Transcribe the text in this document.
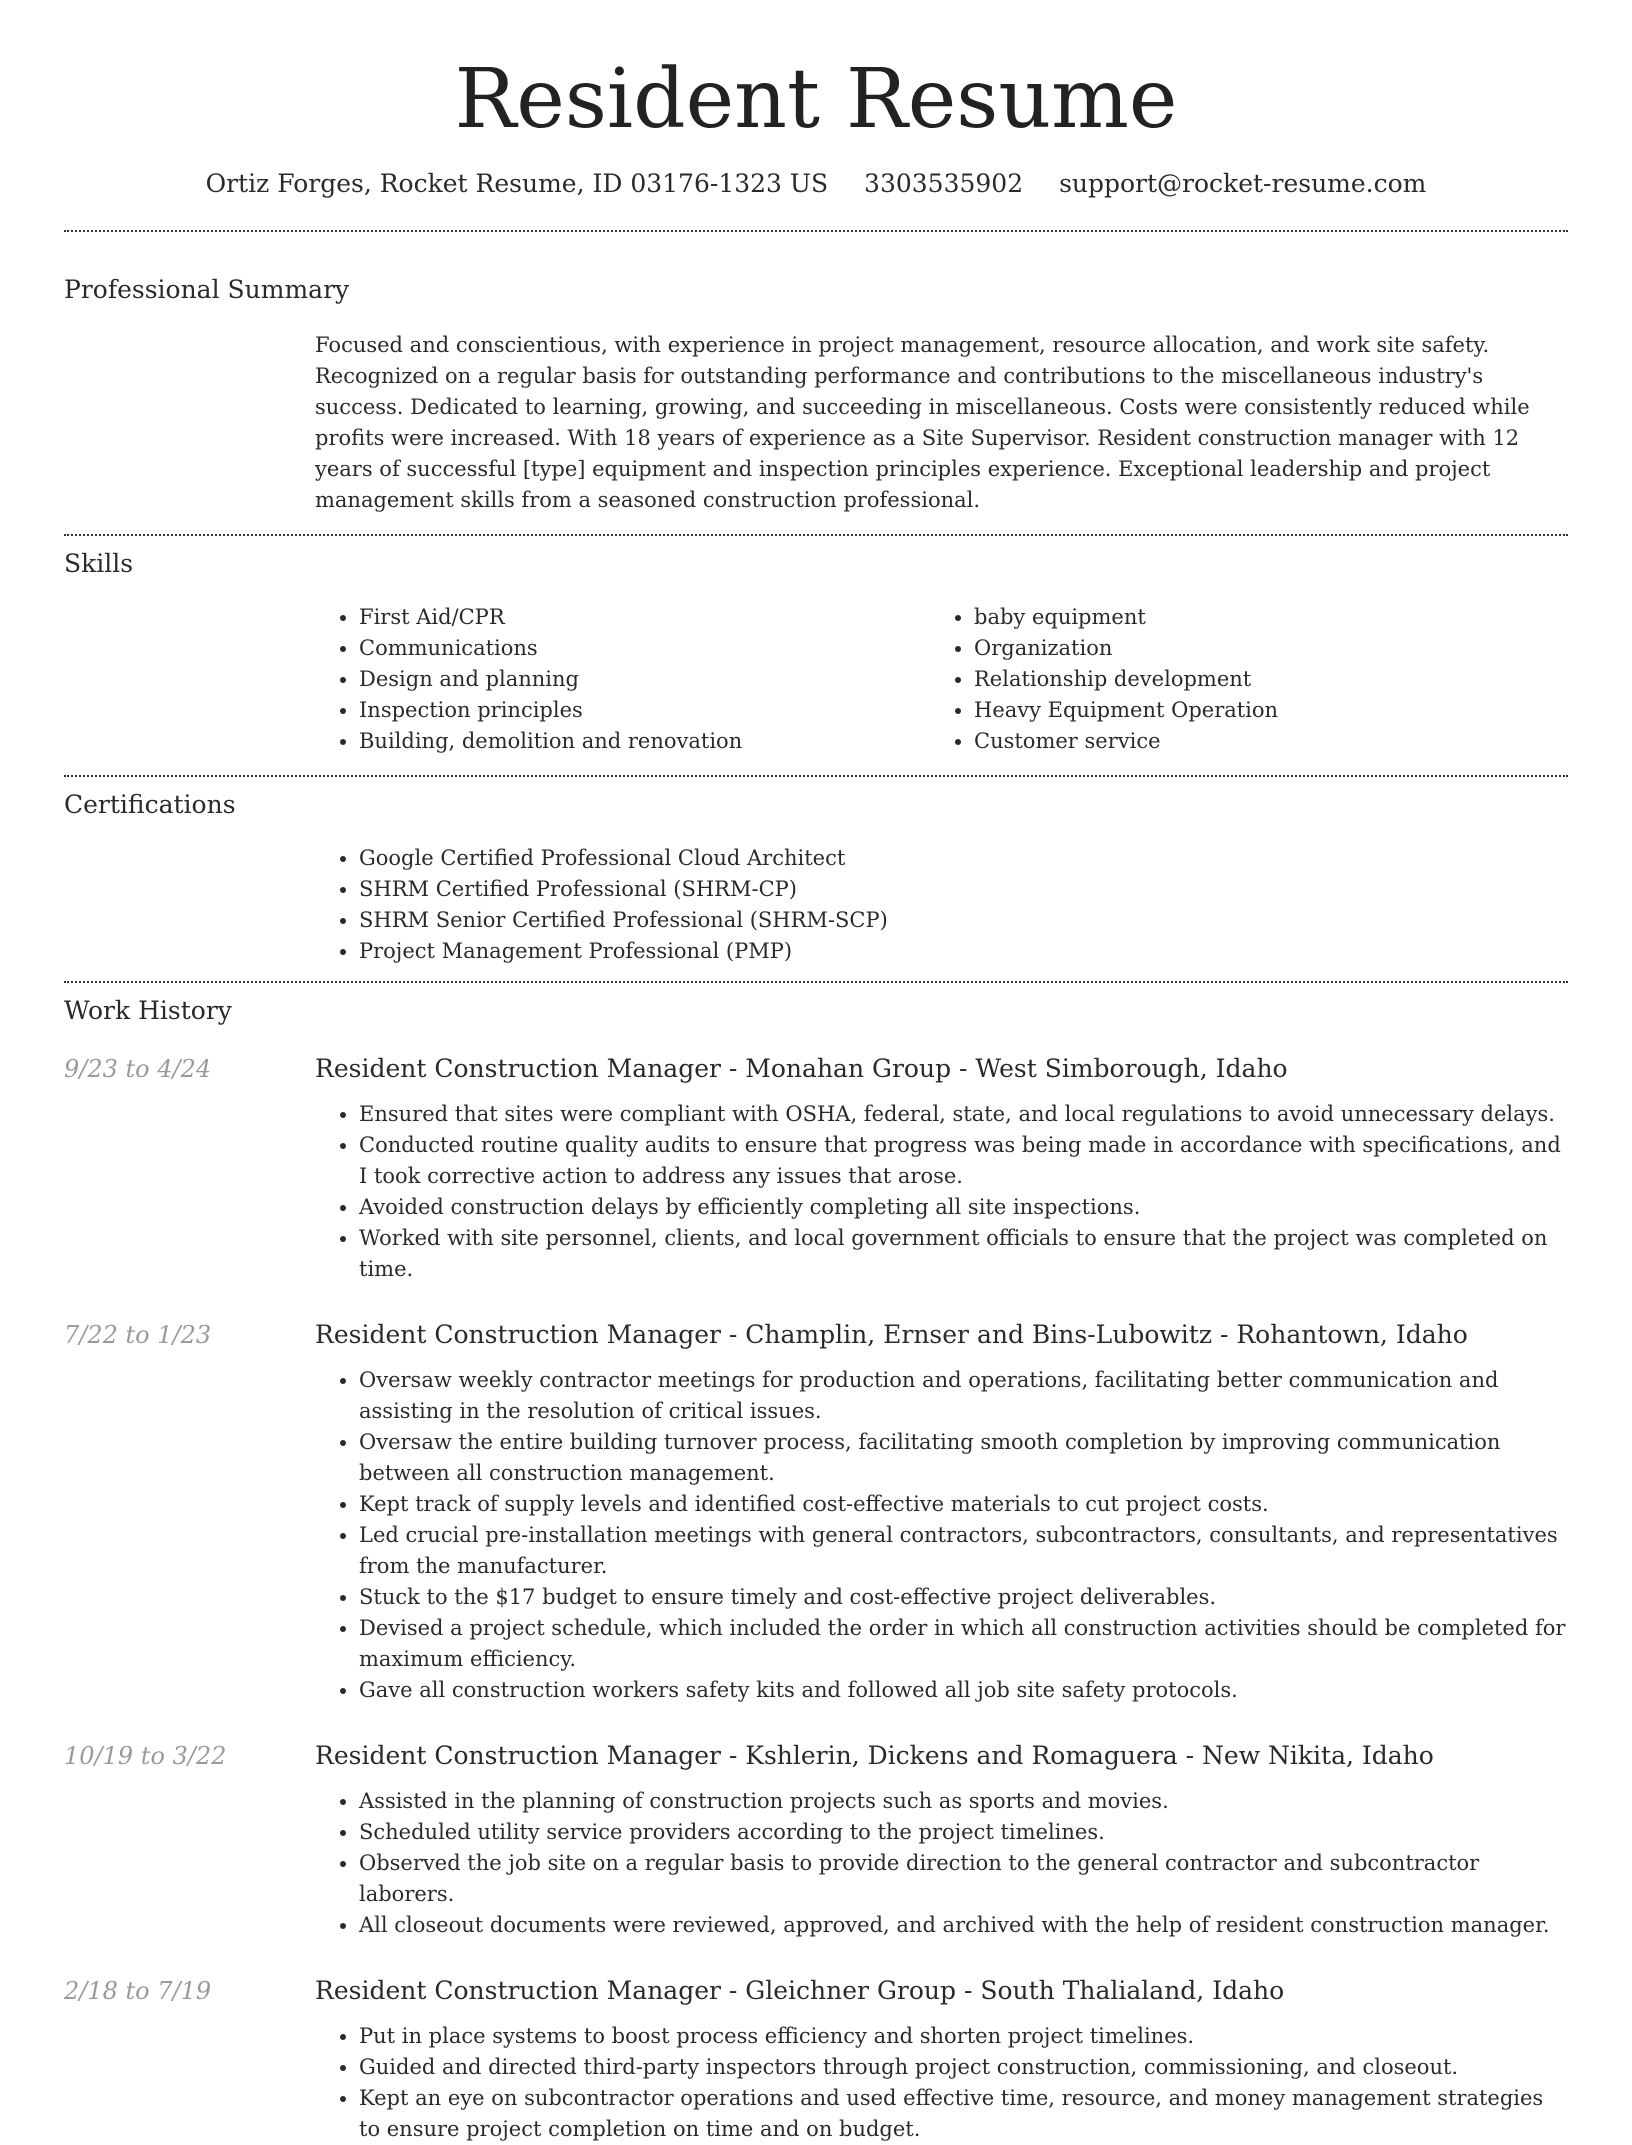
Resident Resume
Ortiz Forges, Rocket Resume, ID 03176-1323 US 3303535902 support@rocket-resume.com
Professional Summary
Focused and conscientious, with experience in project management, resource allocation, and work site safety. Recognized on a regular basis for outstanding performance and contributions to the miscellaneous industry's success. Dedicated to learning, growing, and succeeding in miscellaneous. Costs were consistently reduced while profits were increased. With 18 years of experience as a Site Supervisor. Resident construction manager with 12 years of successful [type] equipment and inspection principles experience. Exceptional leadership and project management skills from a seasoned construction professional.
Skills
• First Aid/CPR
• Communications
• Design and planning
• Inspection principles
• Building, demolition and renovation
• baby equipment
• Organization
• Relationship development
• Heavy Equipment Operation
• Customer service
Certifications
• Google Certified Professional Cloud Architect
• SHRM Certified Professional (SHRM-CP)
• SHRM Senior Certified Professional (SHRM-SCP)
• Project Management Professional (PMP)
Work History
9/23 to 4/24	Resident Construction Manager - Monahan Group - West Simborough, Idaho
• Ensured that sites were compliant with OSHA, federal, state, and local regulations to avoid unnecessary delays.
• Conducted routine quality audits to ensure that progress was being made in accordance with specifications, and I took corrective action to address any issues that arose.
• Avoided construction delays by efficiently completing all site inspections.
• Worked with site personnel, clients, and local government officials to ensure that the project was completed on time.
7/22 to 1/23	Resident Construction Manager - Champlin, Ernser and Bins-Lubowitz - Rohantown, Idaho
• Oversaw weekly contractor meetings for production and operations, facilitating better communication and assisting in the resolution of critical issues.
• Oversaw the entire building turnover process, facilitating smooth completion by improving communication between all construction management.
• Kept track of supply levels and identified cost-effective materials to cut project costs.
• Led crucial pre-installation meetings with general contractors, subcontractors, consultants, and representatives from the manufacturer.
• Stuck to the $17 budget to ensure timely and cost-effective project deliverables.
• Devised a project schedule, which included the order in which all construction activities should be completed for maximum efficiency.
• Gave all construction workers safety kits and followed all job site safety protocols.
10/19 to 3/22	Resident Construction Manager - Kshlerin, Dickens and Romaguera - New Nikita, Idaho
• Assisted in the planning of construction projects such as sports and movies.
• Scheduled utility service providers according to the project timelines.
• Observed the job site on a regular basis to provide direction to the general contractor and subcontractor laborers.
• All closeout documents were reviewed, approved, and archived with the help of resident construction manager.
2/18 to 7/19	Resident Construction Manager - Gleichner Group - South Thalialand, Idaho
• Put in place systems to boost process efficiency and shorten project timelines.
• Guided and directed third-party inspectors through project construction, commissioning, and closeout.
• Kept an eye on subcontractor operations and used effective time, resource, and money management strategies to ensure project completion on time and on budget.
